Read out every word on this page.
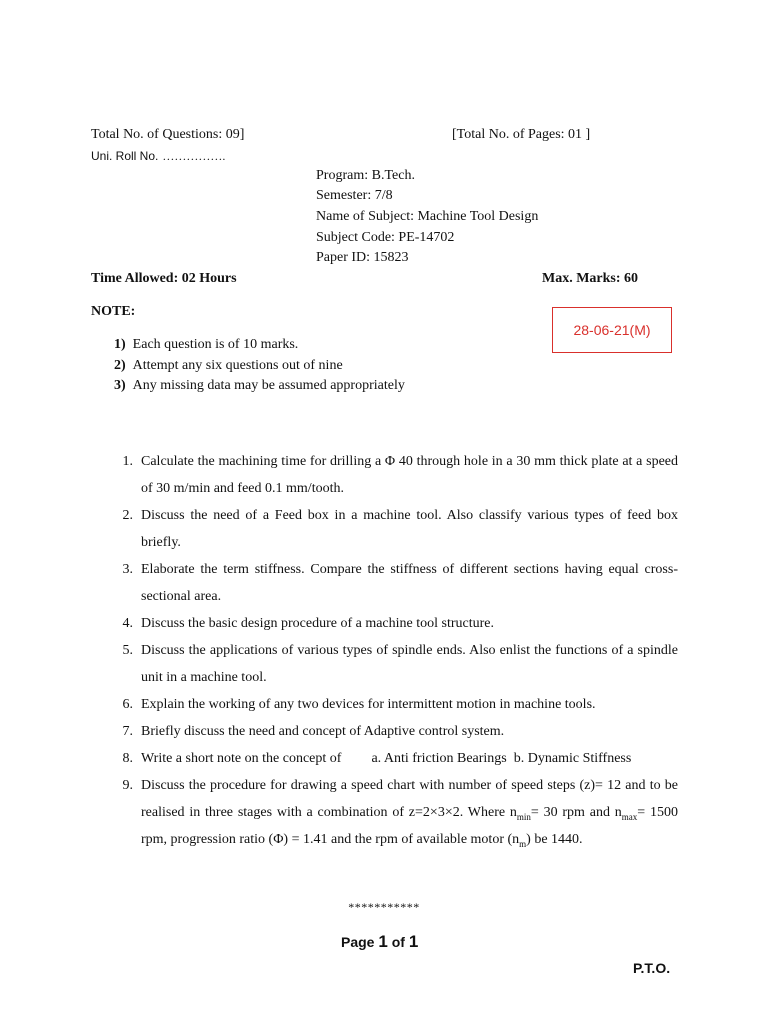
Total No. of Questions: 09]	[Total No. of Pages: 01 ]
Uni. Roll No. …………….
Program: B.Tech.
Semester: 7/8
Name of Subject: Machine Tool Design
Subject Code: PE-14702
Paper ID: 15823
Time Allowed: 02 Hours	Max. Marks: 60
NOTE:
28-06-21(M)
1) Each question is of 10 marks.
2) Attempt any six questions out of nine
3) Any missing data may be assumed appropriately
1. Calculate the machining time for drilling a Φ 40 through hole in a 30 mm thick plate at a speed of 30 m/min and feed 0.1 mm/tooth.
2. Discuss the need of a Feed box in a machine tool. Also classify various types of feed box briefly.
3. Elaborate the term stiffness. Compare the stiffness of different sections having equal cross-sectional area.
4. Discuss the basic design procedure of a machine tool structure.
5. Discuss the applications of various types of spindle ends. Also enlist the functions of a spindle unit in a machine tool.
6. Explain the working of any two devices for intermittent motion in machine tools.
7. Briefly discuss the need and concept of Adaptive control system.
8. Write a short note on the concept of a. Anti friction Bearings b. Dynamic Stiffness
9. Discuss the procedure for drawing a speed chart with number of speed steps (z)= 12 and to be realised in three stages with a combination of z=2×3×2. Where $n_{min}= 30$ rpm and $n_{max}= 1500$ rpm, progression ratio (Φ) = 1.41 and the rpm of available motor $(n_m)$ be 1440.
***********
Page 1 of 1
P.T.O.
